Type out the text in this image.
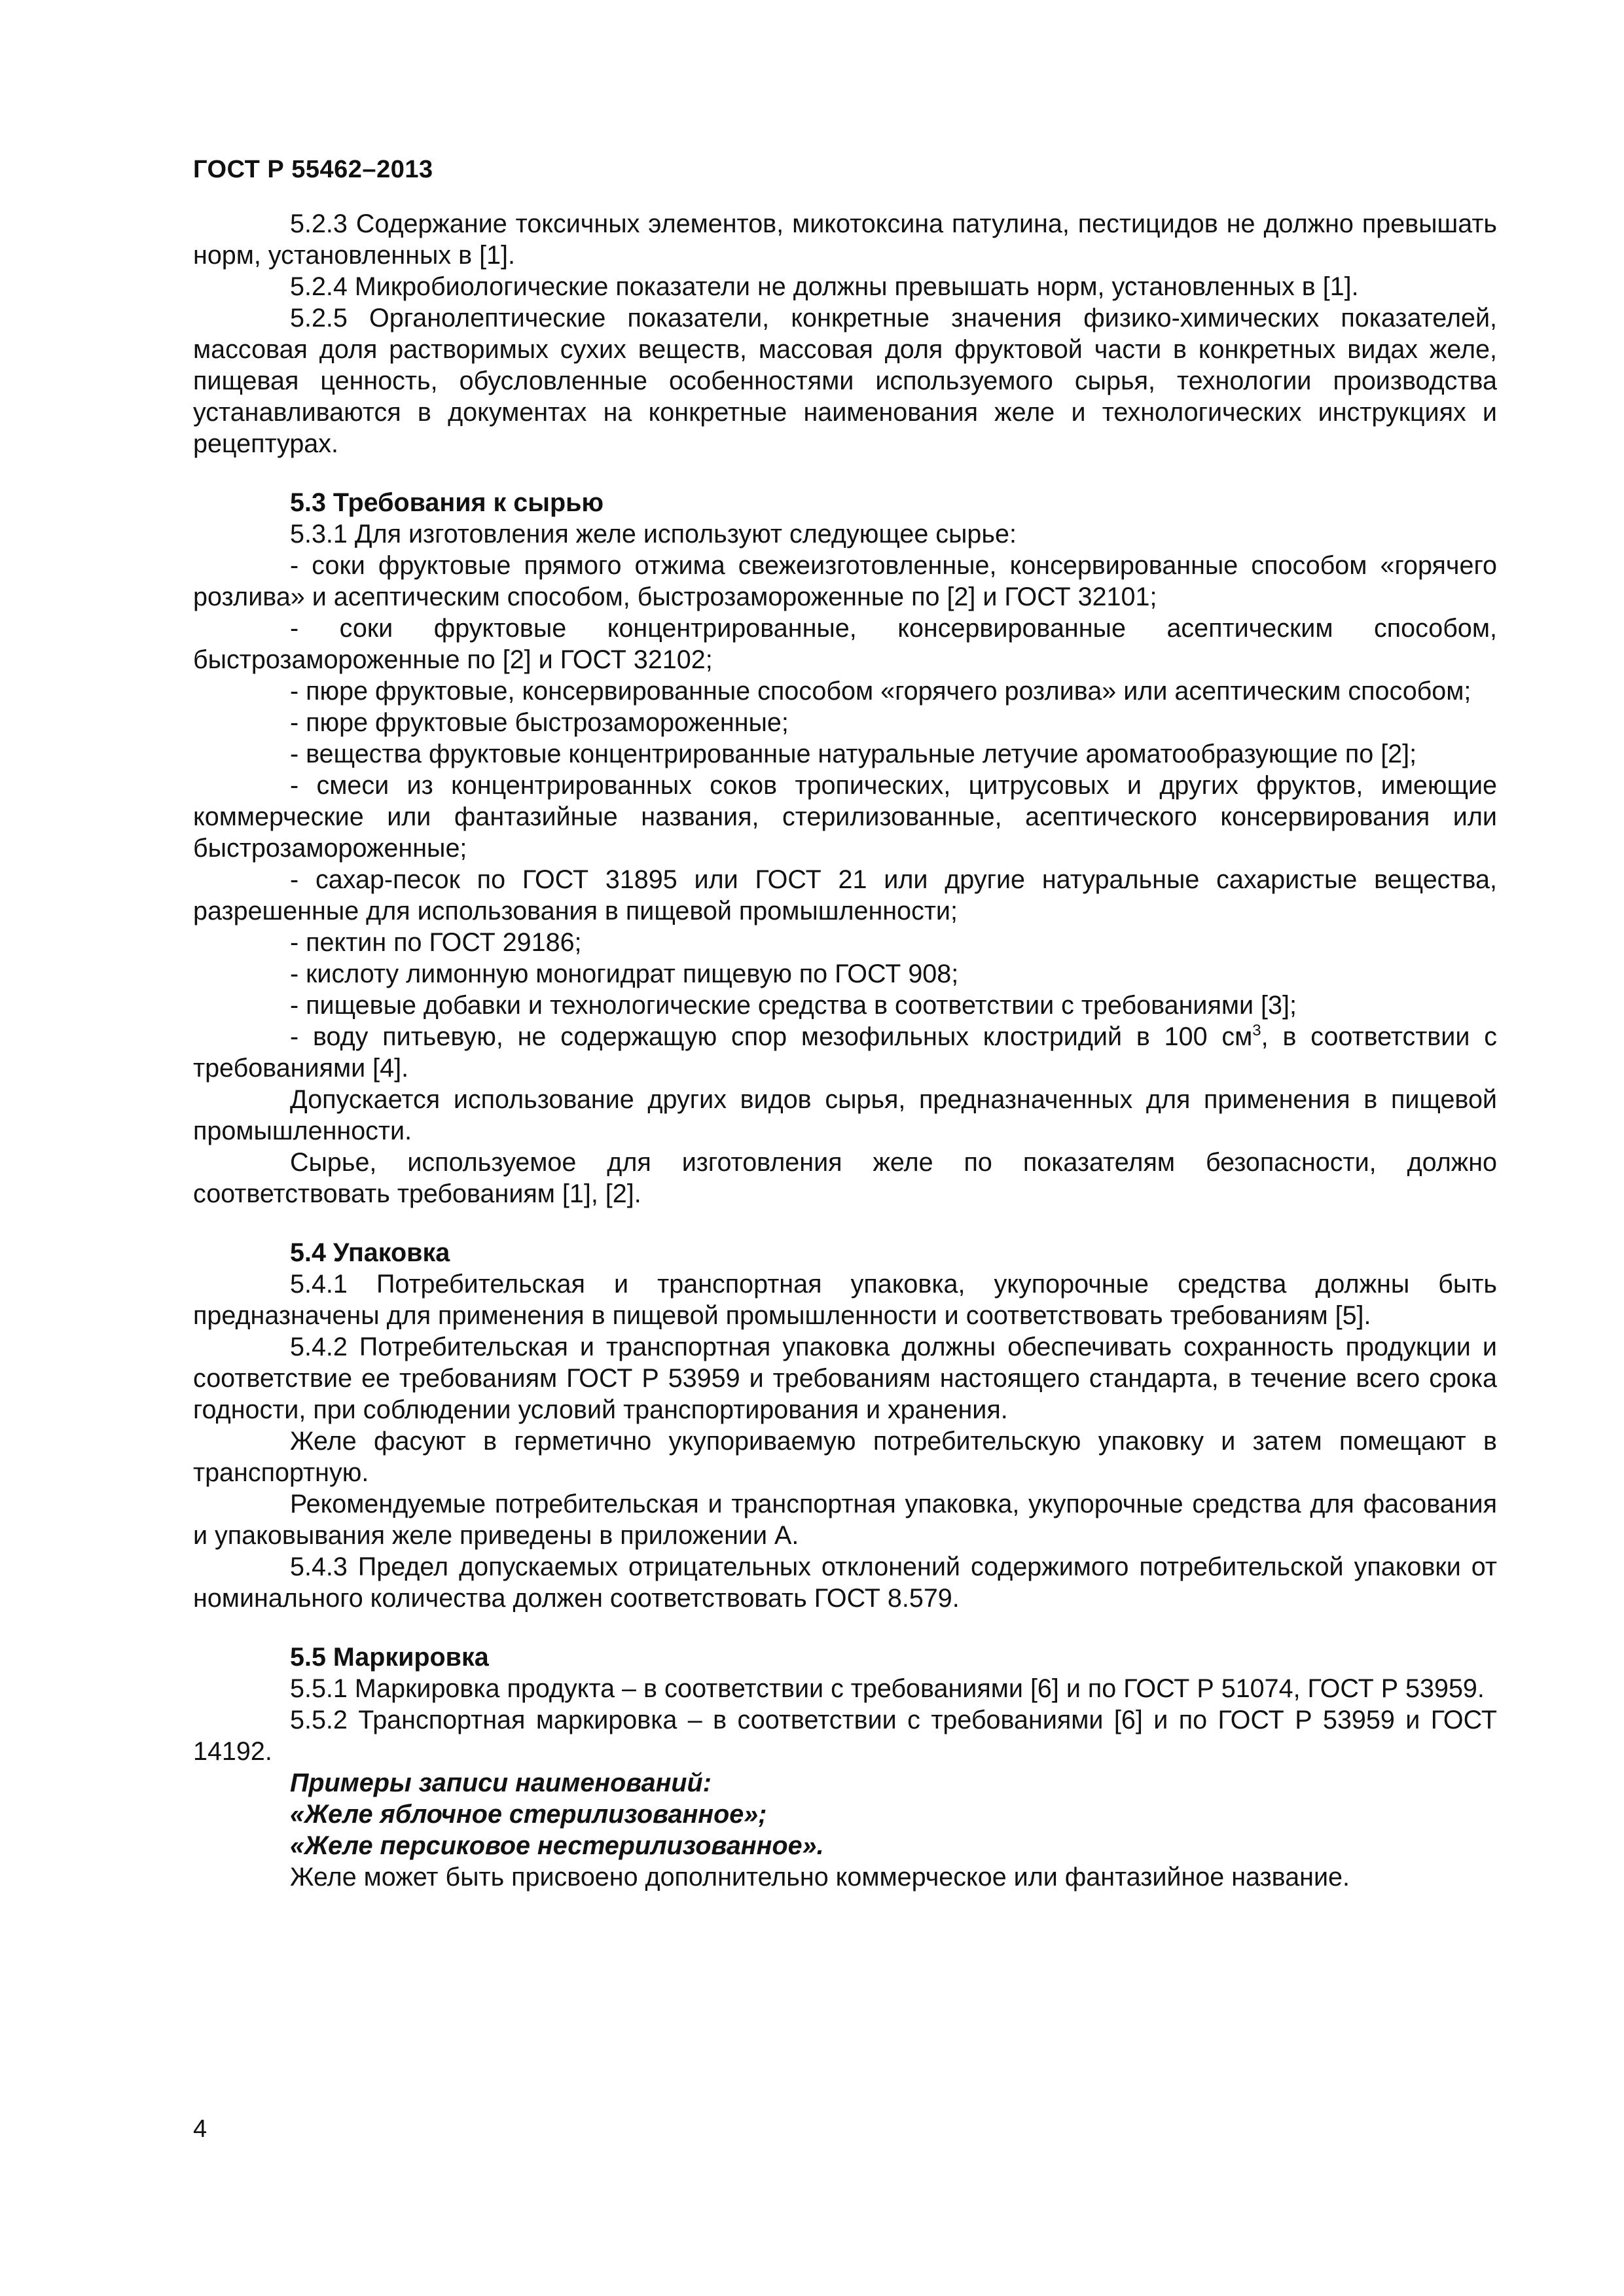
ГОСТ Р 55462–2013

5.2.3 Содержание токсичных элементов, микотоксина патулина, пестицидов не должно превышать норм, установленных в [1].

5.2.4 Микробиологические показатели не должны превышать норм, установленных в [1].

5.2.5 Органолептические показатели, конкретные значения физико-химических показателей, массовая доля растворимых сухих веществ, массовая доля фруктовой части в конкретных видах желе, пищевая ценность, обусловленные особенностями используемого сырья, технологии производства устанавливаются в документах на конкретные наименования желе и технологических инструкциях и рецептурах.

5.3 Требования к сырью

5.3.1 Для изготовления желе используют следующее сырье:

- соки фруктовые прямого отжима свежеизготовленные, консервированные способом «горячего розлива» и асептическим способом, быстрозамороженные по [2] и ГОСТ 32101;

- соки фруктовые концентрированные, консервированные асептическим способом, быстрозамороженные по [2] и ГОСТ 32102;

- пюре фруктовые, консервированные способом «горячего розлива» или асептическим способом;

- пюре фруктовые быстрозамороженные;

- вещества фруктовые концентрированные натуральные летучие ароматообразующие по [2];

- смеси из концентрированных соков тропических, цитрусовых и других фруктов, имеющие коммерческие или фантазийные названия, стерилизованные, асептического консервирования или быстрозамороженные;

- сахар-песок по ГОСТ 31895 или ГОСТ 21 или другие натуральные сахаристые вещества, разрешенные для использования в пищевой промышленности;

- пектин по ГОСТ 29186;

- кислоту лимонную моногидрат пищевую по ГОСТ 908;

- пищевые добавки и технологические средства в соответствии с требованиями [3];

- воду питьевую, не содержащую спор мезофильных клостридий в 100 $см^3$, в соответствии с требованиями [4].

Допускается использование других видов сырья, предназначенных для применения в пищевой промышленности.

Сырье, используемое для изготовления желе по показателям безопасности, должно соответствовать требованиям [1], [2].

5.4 Упаковка

5.4.1 Потребительская и транспортная упаковка, укупорочные средства должны быть предназначены для применения в пищевой промышленности и соответствовать требованиям [5].

5.4.2 Потребительская и транспортная упаковка должны обеспечивать сохранность продукции и соответствие ее требованиям ГОСТ Р 53959 и требованиям настоящего стандарта, в течение всего срока годности, при соблюдении условий транспортирования и хранения.

Желе фасуют в герметично укупориваемую потребительскую упаковку и затем помещают в транспортную.

Рекомендуемые потребительская и транспортная упаковка, укупорочные средства для фасования и упаковывания желе приведены в приложении А.

5.4.3 Предел допускаемых отрицательных отклонений содержимого потребительской упаковки от номинального количества должен соответствовать ГОСТ 8.579.

5.5 Маркировка

5.5.1 Маркировка продукта – в соответствии с требованиями [6] и по ГОСТ Р 51074, ГОСТ Р 53959.

5.5.2 Транспортная маркировка – в соответствии с требованиями [6] и по ГОСТ Р 53959 и ГОСТ 14192.

Примеры записи наименований:

«Желе яблочное стерилизованное»;

«Желе персиковое нестерилизованное».

Желе может быть присвоено дополнительно коммерческое или фантазийное название.

4
